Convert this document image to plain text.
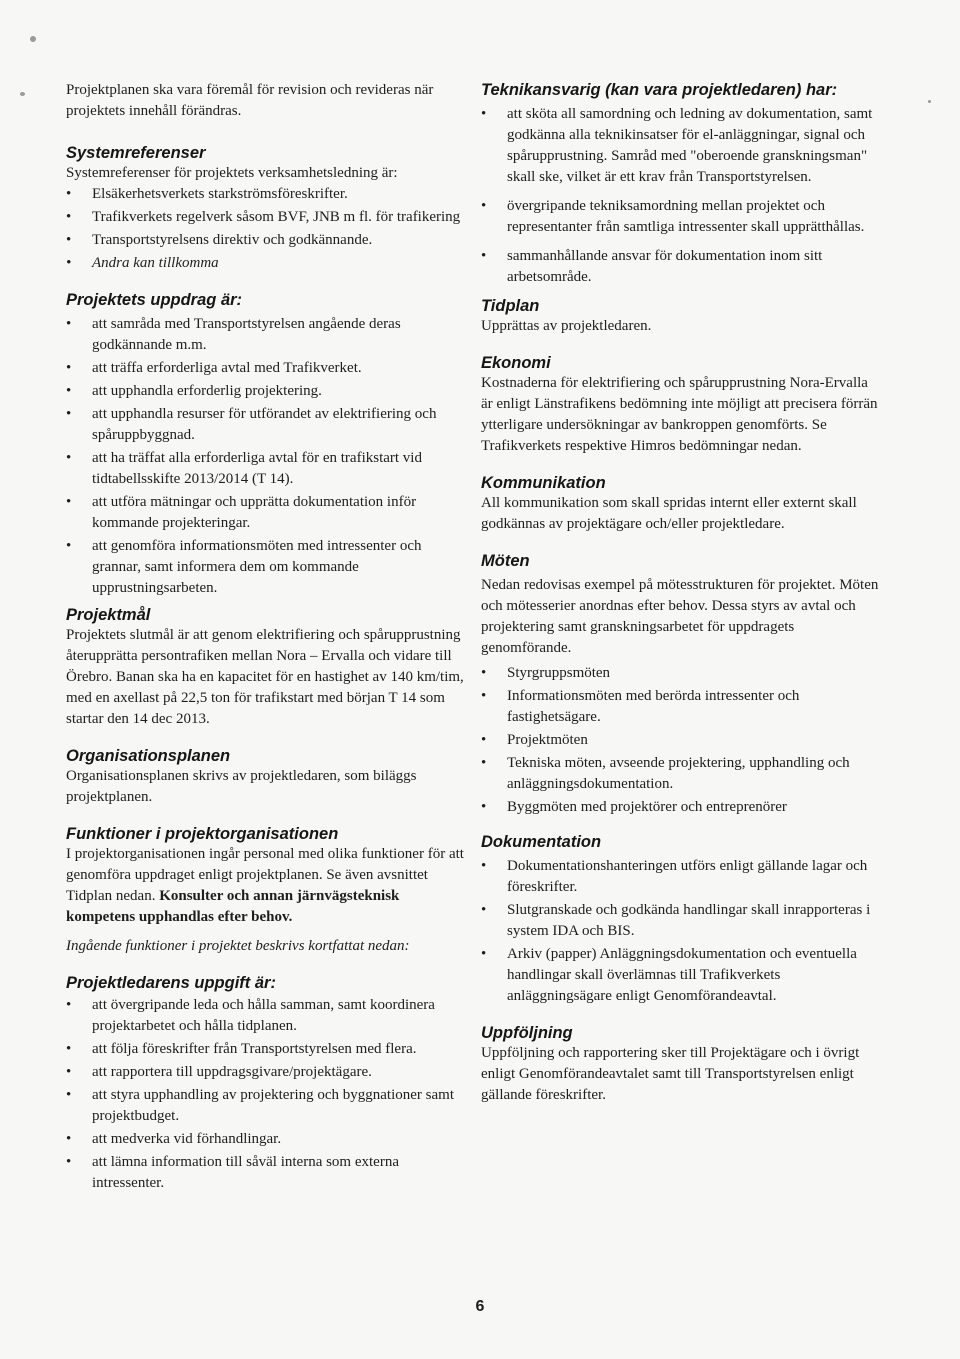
Projektplanen ska vara föremål för revision och revideras när projektets innehåll förändras.

Systemreferenser

Systemreferenser för projektets verksamhetsledning är:

• Elsäkerhetsverkets starkströmsföreskrifter.
• Trafikverkets regelverk såsom BVF, JNB m fl. för trafikering
• Transportstyrelsens direktiv och godkännande.
• Andra kan tillkomma
Projektets uppdrag är:
• att samråda med Transportstyrelsen angående deras godkännande m.m.
• att träffa erforderliga avtal med Trafikverket.
• att upphandla erforderlig projektering.
• att upphandla resurser för utförandet av elektrifiering och spåruppbyggnad.
• att ha träffat alla erforderliga avtal för en trafikstart vid tidtabellsskifte 2013/2014 (T 14).
• att utföra mätningar och upprätta dokumentation inför kommande projekteringar.
• att genomföra informationsmöten med intressenter och grannar, samt informera dem om kommande upprustningsarbeten.
Projektmål

Projektets slutmål är att genom elektrifiering och spårupprustning återupprätta persontrafiken mellan Nora – Ervalla och vidare till Örebro. Banan ska ha en kapacitet för en hastighet av 140 km/tim, med en axellast på 22,5 ton för trafikstart med början T 14 som startar den 14 dec 2013.

Organisationsplanen

Organisationsplanen skrivs av projektledaren, som biläggs projektplanen.

Funktioner i projektorganisationen

I projektorganisationen ingår personal med olika funktioner för att genomföra uppdraget enligt projektplanen. Se även avsnittet Tidplan nedan. Konsulter och annan järnvägsteknisk kompetens upphandlas efter behov.

Ingående funktioner i projektet beskrivs kortfattat nedan:

Projektledarens uppgift är:
• att övergripande leda och hålla samman, samt koordinera projektarbetet och hålla tidplanen.
• att följa föreskrifter från Transportstyrelsen med flera.
• att rapportera till uppdragsgivare/projektägare.
• att styra upphandling av projektering och byggnationer samt projektbudget.
• att medverka vid förhandlingar.
• att lämna information till såväl interna som externa intressenter.
Teknikansvarig (kan vara projektledaren) har:
• att sköta all samordning och ledning av dokumentation, samt godkänna alla teknikinsatser för el-anläggningar, signal och spårupprustning. Samråd med "oberoende granskningsman" skall ske, vilket är ett krav från Transportstyrelsen.
• övergripande tekniksamordning mellan projektet och representanter från samtliga intressenter skall upprätthållas.
• sammanhållande ansvar för dokumentation inom sitt arbetsområde.
Tidplan

Upprättas av projektledaren.

Ekonomi

Kostnaderna för elektrifiering och spårupprustning Nora-Ervalla är enligt Länstrafikens bedömning inte möjligt att precisera förrän ytterligare undersökningar av bankroppen genomförts. Se Trafikverkets respektive Himros bedömningar nedan.

Kommunikation

All kommunikation som skall spridas internt eller externt skall godkännas av projektägare och/eller projektledare.

Möten

Nedan redovisas exempel på mötesstrukturen för projektet. Möten och mötesserier anordnas efter behov. Dessa styrs av avtal och projektering samt granskningsarbetet för uppdragets genomförande.

• Styrgruppsmöten
• Informationsmöten med berörda intressenter och fastighetsägare.
• Projektmöten
• Tekniska möten, avseende projektering, upphandling och anläggningsdokumentation.
• Byggmöten med projektörer och entreprenörer
Dokumentation
• Dokumentationshanteringen utförs enligt gällande lagar och föreskrifter.
• Slutgranskade och godkända handlingar skall inrapporteras i system IDA och BIS.
• Arkiv (papper) Anläggningsdokumentation och eventuella handlingar skall överlämnas till Trafikverkets anläggningsägare enligt Genomförandeavtal.
Uppföljning

Uppföljning och rapportering sker till Projektägare och i övrigt enligt Genomförandeavtalet samt till Transportstyrelsen enligt gällande föreskrifter.

6
